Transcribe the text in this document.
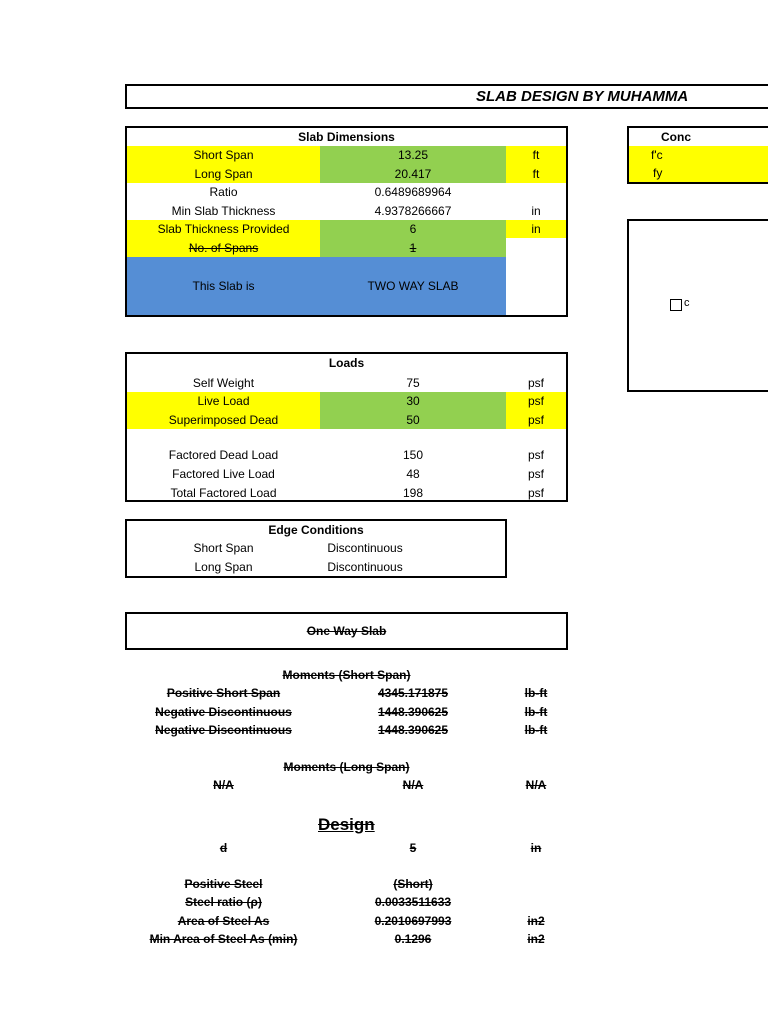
SLAB DESIGN BY MUHAMMA
Slab Dimensions
Short Span	13.25	ft
Long Span	20.417	ft
Ratio	0.6489689964
Min Slab Thickness	4.9378266667	in
Slab Thickness Provided	6	in
No. of Spans	1
This Slab is	TWO WAY SLAB
Conc
f'c
fy
c
Loads
Self Weight	75	psf
Live Load	30	psf
Superimposed Dead	50	psf
Factored Dead Load	150	psf
Factored Live Load	48	psf
Total Factored Load	198	psf
Edge Conditions
Short Span	Discontinuous
Long Span	Discontinuous
One Way Slab
Moments (Short Span)
Positive Short Span	4345.171875	lb-ft
Negative Discontinuous	1448.390625	lb-ft
Negative Discontinuous	1448.390625	lb-ft
Moments (Long Span)
N/A	N/A	N/A
Design
d	5	in
Positive Steel	(Short)
Steel ratio (ρ)	0.0033511633
Area of Steel As	0.2010697993	in2
Min Area of Steel As (min)	0.1296	in2
